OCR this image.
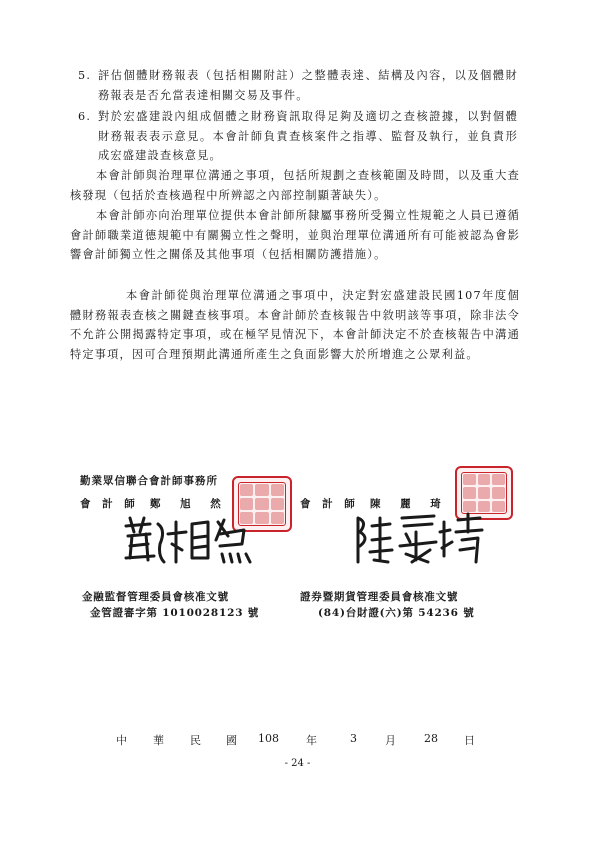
5. 評估個體財務報表（包括相關附註）之整體表達、結構及內容，以及個體財務報表是否允當表達相關交易及事件。
6. 對於宏盛建設內組成個體之財務資訊取得足夠及適切之查核證據，以對個體財務報表表示意見。本會計師負責查核案件之指導、監督及執行，並負責形成宏盛建設查核意見。

本會計師與治理單位溝通之事項，包括所規劃之查核範圍及時間，以及重大查核發現（包括於查核過程中所辨認之內部控制顯著缺失）。

本會計師亦向治理單位提供本會計師所隸屬事務所受獨立性規範之人員已遵循會計師職業道德規範中有關獨立性之聲明，並與治理單位溝通所有可能被認為會影響會計師獨立性之關係及其他事項（包括相關防護措施）。

本會計師從與治理單位溝通之事項中，決定對宏盛建設民國107年度個體財務報表查核之關鍵查核事項。本會計師於查核報告中敘明該等事項，除非法令不允許公開揭露特定事項，或在極罕見情況下，本會計師決定不於查核報告中溝通特定事項，因可合理預期此溝通所產生之負面影響大於所增進之公眾利益。

勤業眾信聯合會計師事務所
會 計 師 鄭 旭 然	會 計 師 陳 麗 琦
金融監督管理委員會核准文號
金管證審字第 1010028123 號
證券暨期貨管理委員會核准文號
(84)台財證(六)第 54236 號
中 華 民 國 108 年	3	月	28 日
- 24 -
